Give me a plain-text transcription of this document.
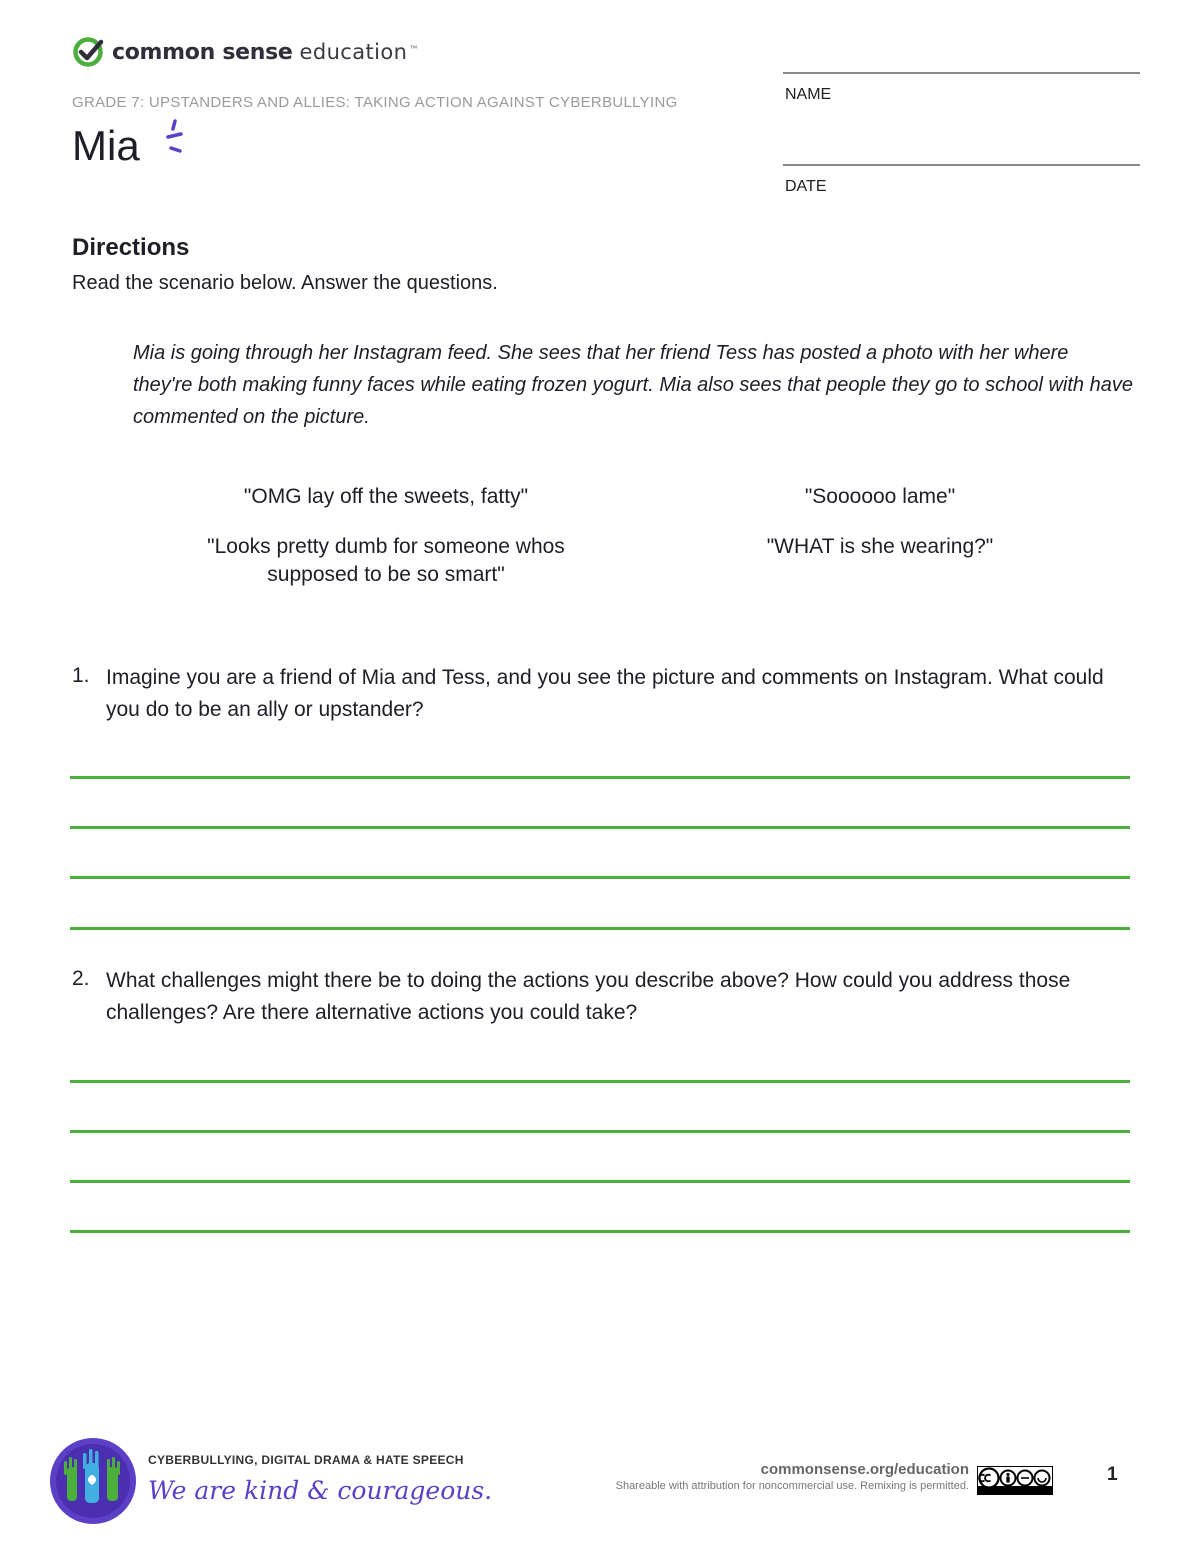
common sense education ™
GRADE 7: UPSTANDERS AND ALLIES: TAKING ACTION AGAINST CYBERBULLYING
Mia
NAME
DATE
Directions
Read the scenario below. Answer the questions.

Mia is going through her Instagram feed. She sees that her friend Tess has posted a photo with her where they're both making funny faces while eating frozen yogurt. Mia also sees that people they go to school with have commented on the picture.

"OMG lay off the sweets, fatty"	"Soooooo lame"
"Looks pretty dumb for someone whos supposed to be so smart"
"WHAT is she wearing?"
1. Imagine you are a friend of Mia and Tess, and you see the picture and comments on Instagram. What could you do to be an ally or upstander?

2. What challenges might there be to doing the actions you describe above? How could you address those challenges? Are there alternative actions you could take?

CYBERBULLYING, DIGITAL DRAMA & HATE SPEECH
We are kind & courageous.
commonsense.org/education
Shareable with attribution for noncommercial use. Remixing is permitted.
1
